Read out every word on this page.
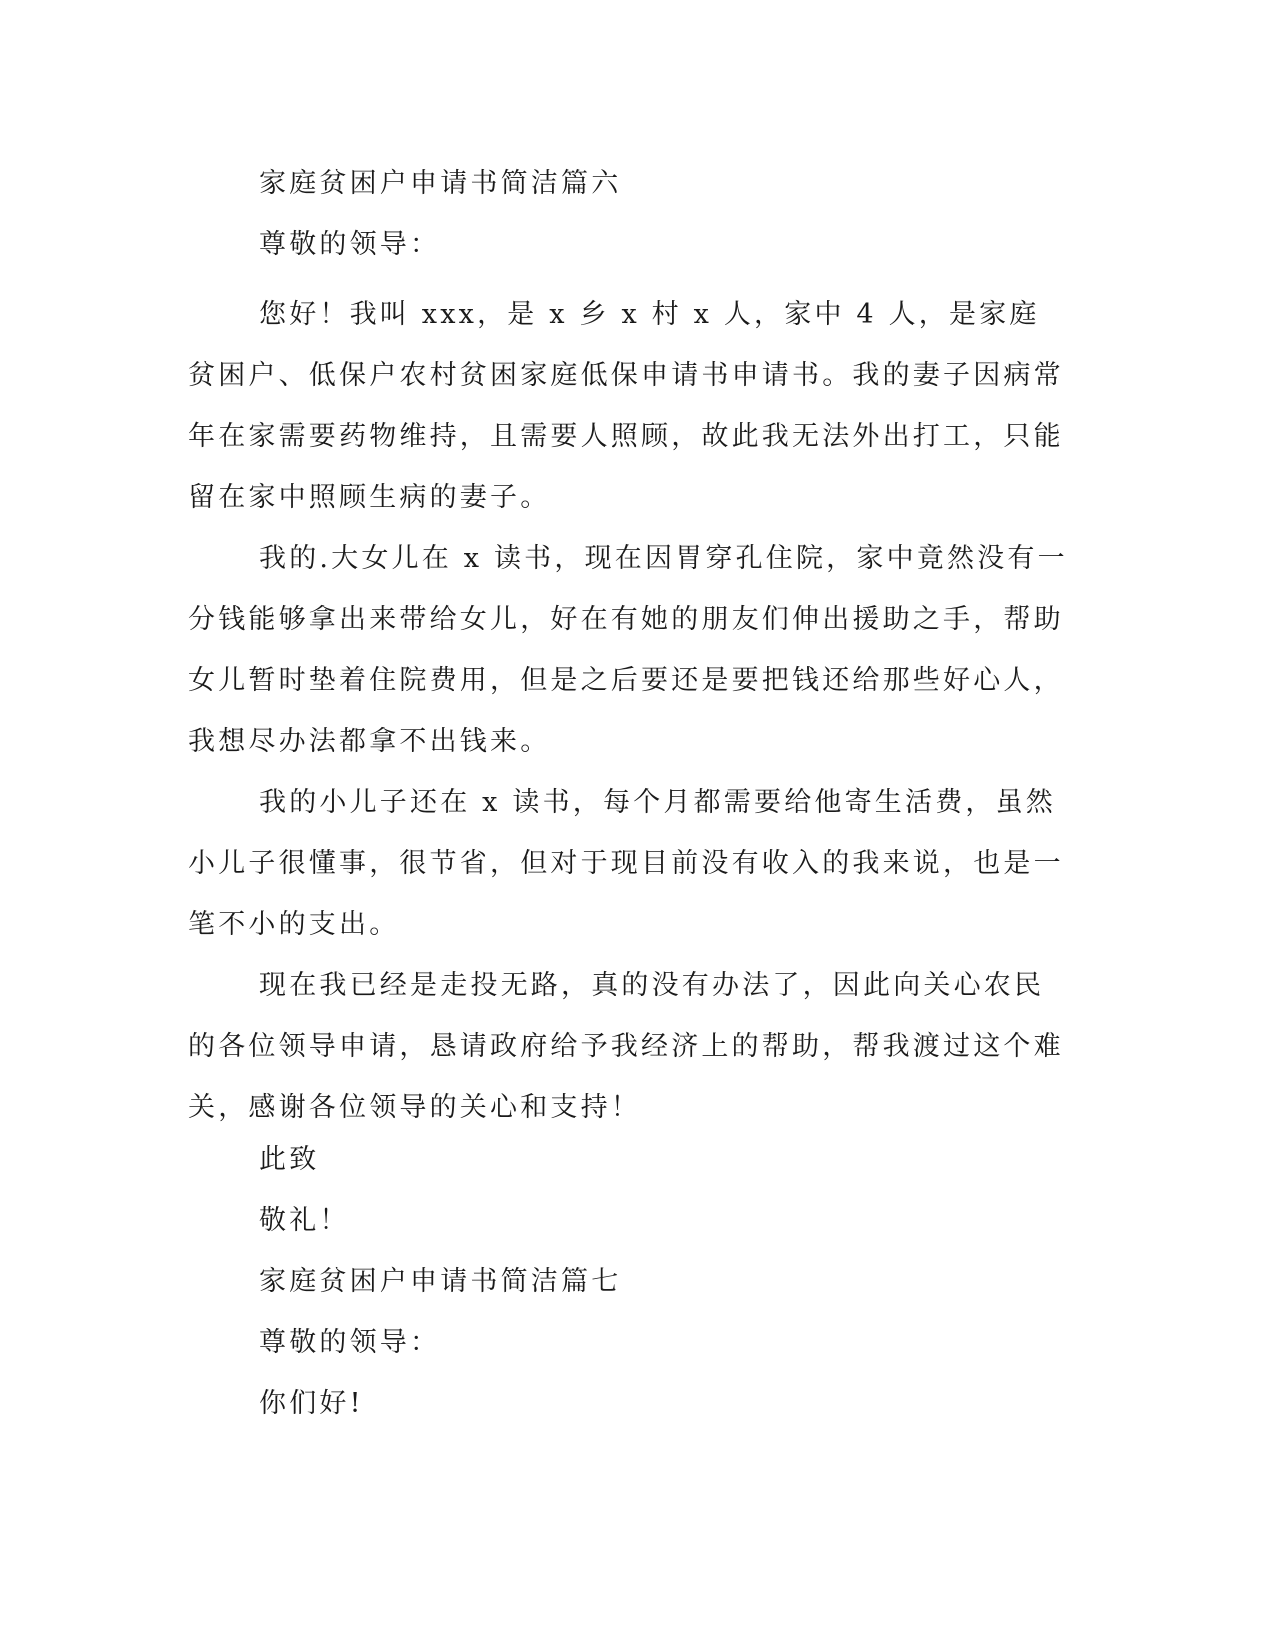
家庭贫困户申请书简洁篇六

尊敬的领导：

您好！我叫 xxx，是 x 乡 x 村 x 人，家中 4 人，是家庭贫困户、低保户农村贫困家庭低保申请书申请书。我的妻子因病常年在家需要药物维持，且需要人照顾，故此我无法外出打工，只能留在家中照顾生病的妻子。

我的.大女儿在 x 读书，现在因胃穿孔住院，家中竟然没有一分钱能够拿出来带给女儿，好在有她的朋友们伸出援助之手，帮助女儿暂时垫着住院费用，但是之后要还是要把钱还给那些好心人，我想尽办法都拿不出钱来。

我的小儿子还在 x 读书，每个月都需要给他寄生活费，虽然小儿子很懂事，很节省，但对于现目前没有收入的我来说，也是一笔不小的支出。

现在我已经是走投无路，真的没有办法了，因此向关心农民的各位领导申请，恳请政府给予我经济上的帮助，帮我渡过这个难关，感谢各位领导的关心和支持！

此致

敬礼！

家庭贫困户申请书简洁篇七

尊敬的领导：

你们好!
